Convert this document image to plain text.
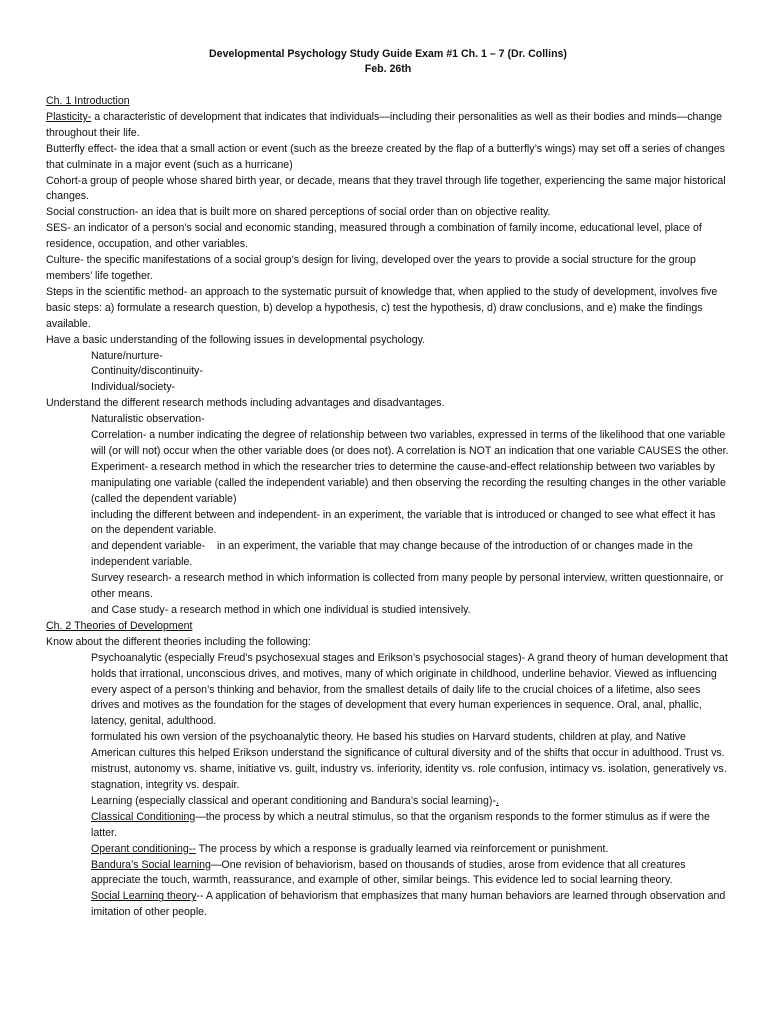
Developmental Psychology Study Guide Exam #1 Ch. 1 – 7 (Dr. Collins)
Feb. 26th

Ch. 1 Introduction

Plasticity- a characteristic of development that indicates that individuals—including their personalities as well as their bodies and minds—change throughout their life.

Butterfly effect- the idea that a small action or event (such as the breeze created by the flap of a butterfly’s wings) may set off a series of changes that culminate in a major event (such as a hurricane)

Cohort-a group of people whose shared birth year, or decade, means that they travel through life together, experiencing the same major historical changes.

Social construction- an idea that is built more on shared perceptions of social order than on objective reality.

SES- an indicator of a person’s social and economic standing, measured through a combination of family income, educational level, place of residence, occupation, and other variables.

Culture- the specific manifestations of a social group’s design for living, developed over the years to provide a social structure for the group members’ life together.

Steps in the scientific method- an approach to the systematic pursuit of knowledge that, when applied to the study of development, involves five basic steps: a) formulate a research question, b) develop a hypothesis, c) test the hypothesis, d) draw conclusions, and e) make the findings available.

Have a basic understanding of the following issues in developmental psychology.

Nature/nurture-

Continuity/discontinuity-

Individual/society-

Understand the different research methods including advantages and disadvantages.

Naturalistic observation-

Correlation- a number indicating the degree of relationship between two variables, expressed in terms of the likelihood that one variable will (or will not) occur when the other variable does (or does not). A correlation is NOT an indication that one variable CAUSES the other.

Experiment- a research method in which the researcher tries to determine the cause-and-effect relationship between two variables by manipulating one variable (called the independent variable) and then observing the recording the resulting changes in the other variable (called the dependent variable)

including the different between and independent- in an experiment, the variable that is introduced or changed to see what effect it has on the dependent variable.

and dependent variable-    in an experiment, the variable that may change because of the introduction of or changes made in the independent variable.

Survey research- a research method in which information is collected from many people by personal interview, written questionnaire, or other means.

and Case study- a research method in which one individual is studied intensively.

Ch. 2 Theories of Development

Know about the different theories including the following:

Psychoanalytic (especially Freud’s psychosexual stages and Erikson’s psychosocial stages)- A grand theory of human development that holds that irrational, unconscious drives, and motives, many of which originate in childhood, underline behavior. Viewed as influencing every aspect of a person’s thinking and behavior, from the smallest details of daily life to the crucial choices of a lifetime, also sees drives and motives as the foundation for the stages of development that every human experiences in sequence. Oral, anal, phallic, latency, genital, adulthood.

formulated his own version of the psychoanalytic theory. He based his studies on Harvard students, children at play, and Native American cultures this helped Erikson understand the significance of cultural diversity and of the shifts that occur in adulthood. Trust vs. mistrust, autonomy vs. shame, initiative vs. guilt, industry vs. inferiority, identity vs. role confusion, intimacy vs. isolation, generatively vs. stagnation, integrity vs. despair.

Learning (especially classical and operant conditioning and Bandura’s social learning)-.

Classical Conditioning—the process by which a neutral stimulus, so that the organism responds to the former stimulus as if were the latter.

Operant conditioning-- The process by which a response is gradually learned via reinforcement or punishment.

Bandura’s Social learning—One revision of behaviorism, based on thousands of studies, arose from evidence that all creatures appreciate the touch, warmth, reassurance, and example of other, similar beings. This evidence led to social learning theory.

Social Learning theory-- A application of behaviorism that emphasizes that many human behaviors are learned through observation and imitation of other people.
